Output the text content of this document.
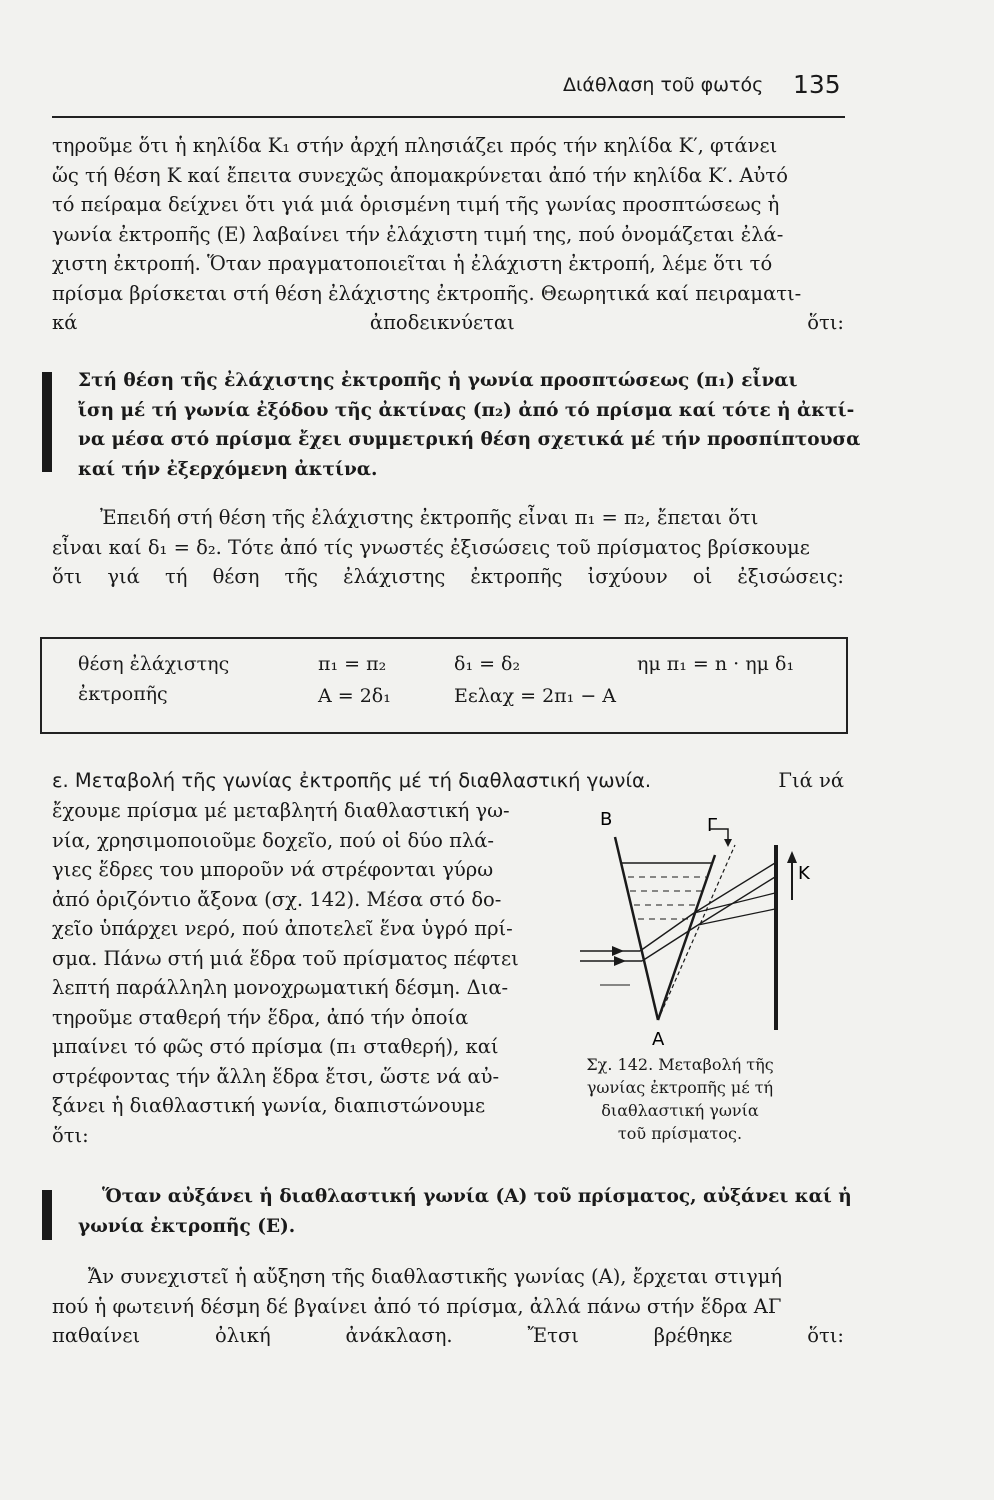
Διάθλαση τοῦ φωτός 135
τηροῦμε ὅτι ἡ κηλίδα K₁ στήν ἀρχή πλησιάζει πρός τήν κηλίδα K′, φτάνει
ὥς τή θέση K καί ἔπειτα συνεχῶς ἀπομακρύνεται ἀπό τήν κηλίδα K′. Αὐτό
τό πείραμα δείχνει ὅτι γιά μιά ὁρισμένη τιμή τῆς γωνίας προσπτώσεως ἡ
γωνία ἐκτροπῆς (E) λαβαίνει τήν ἐλάχιστη τιμή της, πού ὀνομάζεται ἐλά-
χιστη ἐκτροπή. Ὅταν πραγματοποιεῖται ἡ ἐλάχιστη ἐκτροπή, λέμε ὅτι τό
πρίσμα βρίσκεται στή θέση ἐλάχιστης ἐκτροπῆς. Θεωρητικά καί πειραματι-
κά ἀποδεικνύεται ὅτι:
Στή θέση τῆς ἐλάχιστης ἐκτροπῆς ἡ γωνία προσπτώσεως (π₁) εἶναι
ἴση μέ τή γωνία ἐξόδου τῆς ἀκτίνας (π₂) ἀπό τό πρίσμα καί τότε ἡ ἀκτί-
να μέσα στό πρίσμα ἔχει συμμετρική θέση σχετικά μέ τήν προσπίπτουσα
καί τήν ἐξερχόμενη ἀκτίνα.
Ἐπειδή στή θέση τῆς ἐλάχιστης ἐκτροπῆς εἶναι π₁ = π₂, ἔπεται ὅτι
εἶναι καί δ₁ = δ₂. Τότε ἀπό τίς γνωστές ἐξισώσεις τοῦ πρίσματος βρίσκουμε
ὅτι γιά τή θέση τῆς ἐλάχιστης ἐκτροπῆς ἰσχύουν οἱ ἐξισώσεις:
θέση ἐλάχιστης
ἐκτροπῆς
π₁ = π₂
A = 2δ₁
δ₁ = δ₂
Eελαχ = 2π₁ − A
ημ π₁ = n · ημ δ₁
ε. Μεταβολή τῆς γωνίας ἐκτροπῆς μέ τή διαθλαστική γωνία.	Γιά νά
ἔχουμε πρίσμα μέ μεταβλητή διαθλαστική γω-
νία, χρησιμοποιοῦμε δοχεῖο, πού οἱ δύο πλά-
γιες ἕδρες του μποροῦν νά στρέφονται γύρω
ἀπό ὁριζόντιο ἄξονα (σχ. 142). Μέσα στό δο-
χεῖο ὑπάρχει νερό, πού ἀποτελεῖ ἕνα ὑγρό πρί-
σμα. Πάνω στή μιά ἕδρα τοῦ πρίσματος πέφτει
λεπτή παράλληλη μονοχρωματική δέσμη. Δια-
τηροῦμε σταθερή τήν ἕδρα, ἀπό τήν ὁποία
μπαίνει τό φῶς στό πρίσμα (π₁ σταθερή), καί
στρέφοντας τήν ἄλλη ἕδρα ἔτσι, ὥστε νά αὐ-
ξάνει ἡ διαθλαστική γωνία, διαπιστώνουμε
ὅτι:
B	Γ
K
A
Σχ. 142. Μεταβολή τῆς
γωνίας ἐκτροπῆς μέ τή
διαθλαστική γωνία
τοῦ πρίσματος.
Ὅταν αὐξάνει ἡ διαθλαστική γωνία (A) τοῦ πρίσματος, αὐξάνει καί ἡ
γωνία ἐκτροπῆς (E).
Ἄν συνεχιστεῖ ἡ αὔξηση τῆς διαθλαστικῆς γωνίας (A), ἔρχεται στιγμή
πού ἡ φωτεινή δέσμη δέ βγαίνει ἀπό τό πρίσμα, ἀλλά πάνω στήν ἕδρα AΓ
παθαίνει ὀλική ἀνάκλαση. Ἔτσι βρέθηκε ὅτι:
